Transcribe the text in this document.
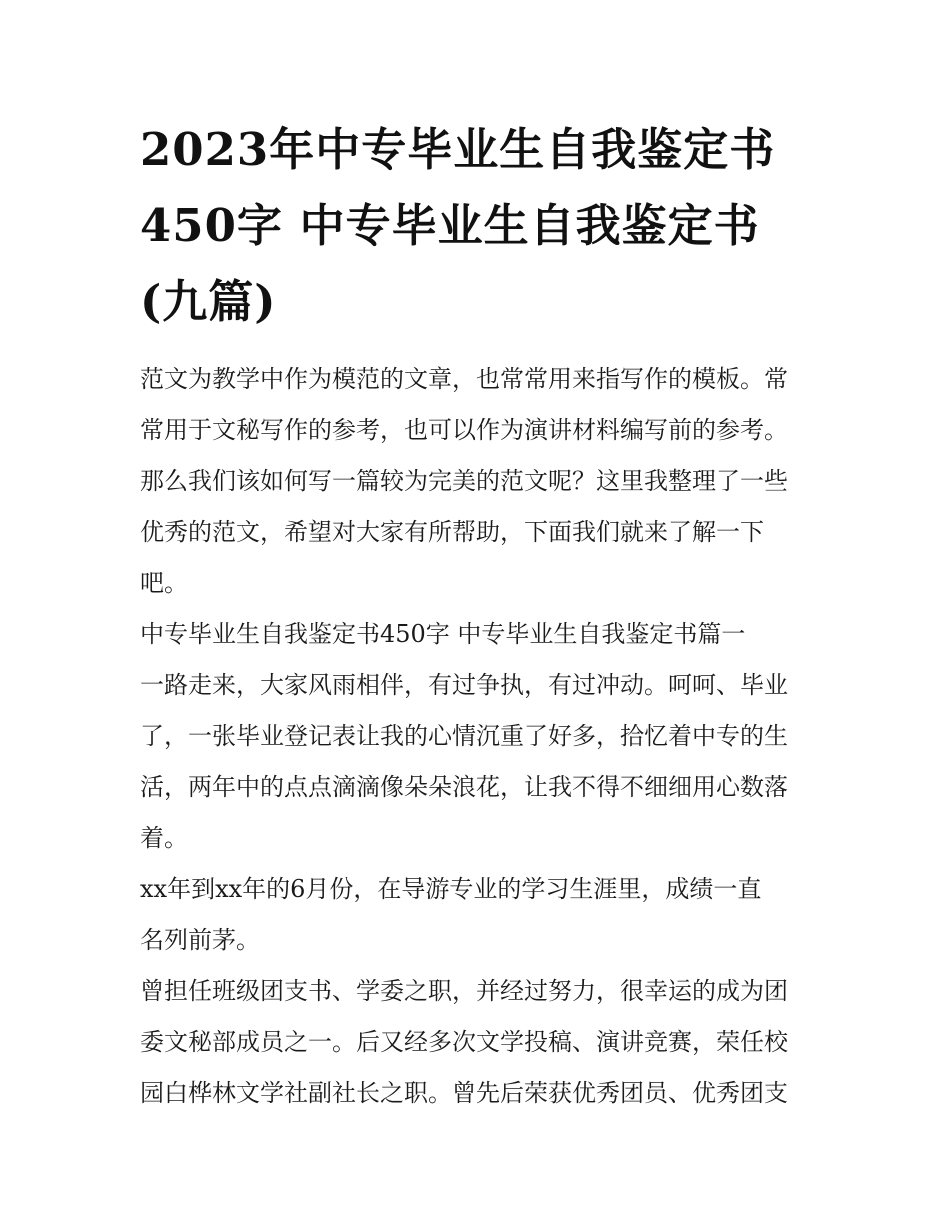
2023年中专毕业生自我鉴定书
450字 中专毕业生自我鉴定书
(九篇)
范文为教学中作为模范的文章，也常常用来指写作的模板。常
常用于文秘写作的参考，也可以作为演讲材料编写前的参考。
那么我们该如何写一篇较为完美的范文呢？这里我整理了一些
优秀的范文，希望对大家有所帮助，下面我们就来了解一下
吧。
中专毕业生自我鉴定书450字 中专毕业生自我鉴定书篇一
一路走来，大家风雨相伴，有过争执，有过冲动。呵呵、毕业
了，一张毕业登记表让我的心情沉重了好多，拾忆着中专的生
活，两年中的点点滴滴像朵朵浪花，让我不得不细细用心数落
着。
xx年到xx年的6月份，在导游专业的学习生涯里，成绩一直
名列前茅。
曾担任班级团支书、学委之职，并经过努力，很幸运的成为团
委文秘部成员之一。后又经多次文学投稿、演讲竞赛，荣任校
园白桦林文学社副社长之职。曾先后荣获优秀团员、优秀团支
